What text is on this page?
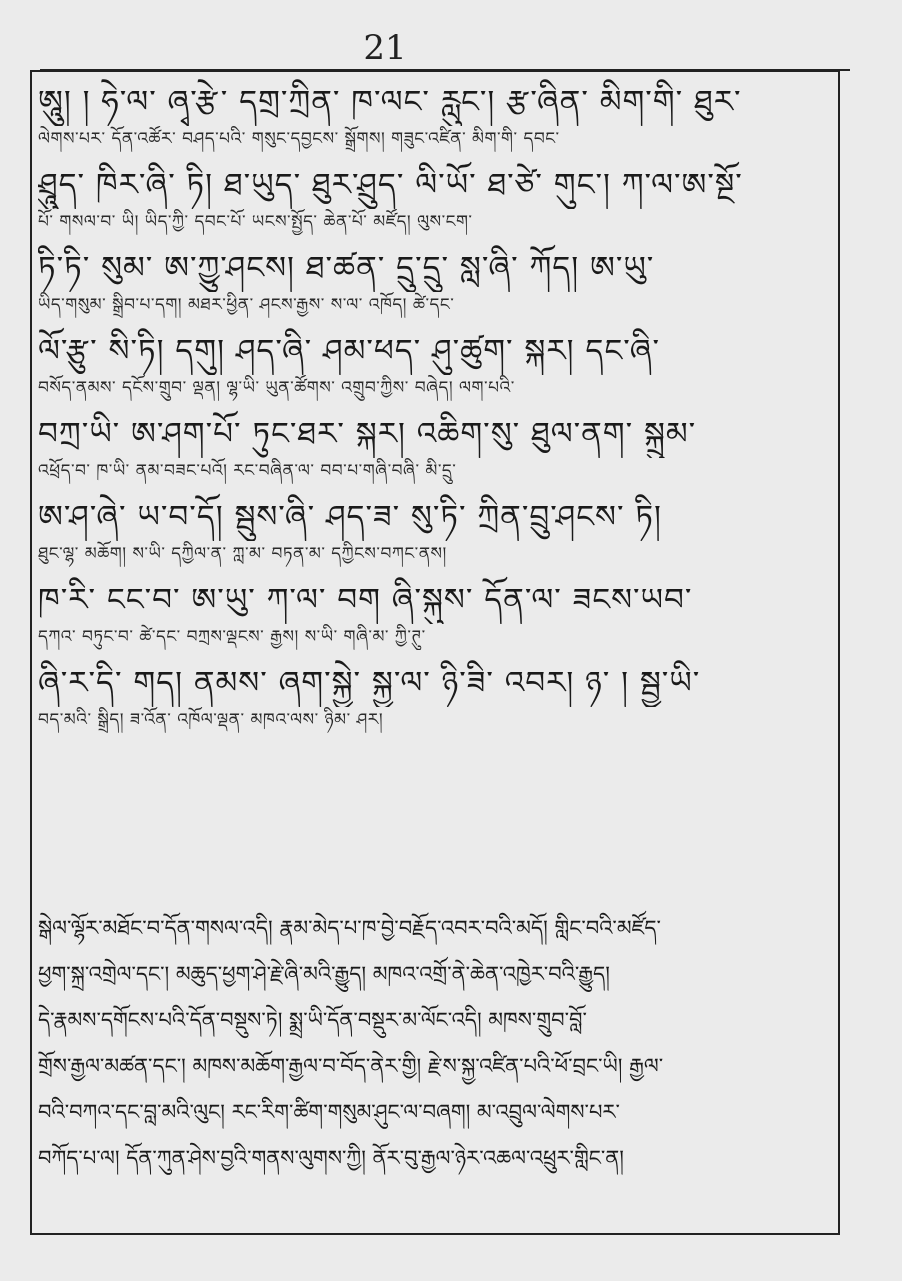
21
ཨཱུ། ། ཧེ་ལ་ ཞྭ་རྩེ་ དགྲ་ཀྲིན་ ཁ་ལང་ རླུང་། རྩ་ཞིན་ མིག་གི་ ཐུར་
ལེགས་པར་ དོན་འཚོར་ བཤད་པའི་ གསུང་དབྱངས་ སྒྲོགས། གཟུང་འཛིན་ མིག་གི་ དབང་
ཤྲཱུད་ ཁིར་ཞི་ ཏི། ཐ་ཡུད་ ཐུར་ཤྲུད་ ལི་ཡོ་ ཐ་ཙེ་ གུང་། ཀ་ལ་ཨ་སྔོ་
པོ་ གསལ་བ་ ཡི། ཡིད་ཀྱི་ དབང་པོ་ ཡངས་སྤྱོད་ ཆེན་པོ་ མཛོད། ལུས་ངག་
ཏི་ཏི་ སུམ་ ཨ་ཀྱུ་ཤངས། ཐ་ཚན་ དྲུ་དྲུ་ སླ་ཞི་ ཀོད། ཨ་ཡུ་
ཡིད་གསུམ་ སྒྲིབ་པ་དག། མཐར་ཕྱིན་ ཤངས་རྒྱས་ ས་ལ་ འཁོད། ཚེ་དང་
ལོ་རྩུ་ སི་ཏི། དགུ། ཤད་ཞི་ ཤམ་ཕད་ ཤུ་ཚུག་ སྐར། དང་ཞི་
བསོད་ནམས་ དངོས་གྲུབ་ ལྡན། ལྷ་ཡི་ ཡུན་ཚོགས་ འགྲུབ་ཀྱིས་ བཞེད། ལག་པའི་
བཀྲ་ཡི་ ཨ་ཤག་པོ་ ཏུང་ཐར་ སྐར། འཆིག་སུ་ ཐུལ་ནག་ སྐྲུམ་
འཕྲོད་བ་ ཁ་ཡི་ ནམ་བཟང་པའོ། རང་བཞིན་ལ་ བབ་པ་གཞི་བཞི་ མི་དྲུ་
ཨ་ཤ་ཞེ་ ཡ་བ་དོ། སྦུས་ཞི་ ཤད་ཟ་ སུ་ཏི་ ཀྲིན་བྲུ་ཤངས་ ཏི།
ཐུང་ལྷ་ མཆོག། ས་ཡི་ དཀྱིལ་ན་ ཀླ་མ་ བཏན་མ་ དཀྱིངས་བཀང་ནས།
ཁ་རི་ ངང་བ་ ཨ་ཡུ་ ཀ་ལ་ བག ཞི་སྐུས་ དོན་ལ་ ཟངས་ཡབ་
དཀའ་ བཏུང་བ་ ཚེ་དང་ བཀྲས་ལྡངས་ རྒྱས། ས་ཡི་ གཞི་མ་ ཀྱི་ཊུ་
ཞི་ར་དི་ གད། ནམས་ ཞག་སྐྱེ་ སྐྱ་ལ་ ཉི་ཟི་ འབར། ཉ་ ། སྦྱ་ཡི་
བད་མའི་ སྒྲིད། ཟ་འོན་ འཁོལ་ལྡན་ མཁའ་ལས་ ཉིམ་ ཤར།
སྒེལ་ལྷོར་མཐོང་བ་དོན་གསལ་འདི། རྣམ་མེད་པ་ཁ་བྱེ་བརྗོད་འབར་བའི་མདོ། གླིང་བའི་མཛོད་
ཕྱག་སྐྲ་འགྲེལ་དང་། མཆུད་ཕྱག་ཤེ་རྗེ་ཞི་མའི་རྒྱུད། མཁའ་འགྲོ་ནེ་ཆེན་འཁྱེར་བའི་རྒྱུད།
དེ་རྣམས་དགོངས་པའི་དོན་བསྡུས་ཏེ། སྨྲ་ཡི་དོན་བསྡུར་མ་ལོང་འདི། མཁས་གྲུབ་བློ་
གྲོས་རྒྱལ་མཚན་དང་། མཁས་མཆོག་རྒྱལ་བ་བོད་ནེར་གྱི། རྗེ་ས་སྐྱ་འཛིན་པའི་ཕོ་བྲང་ཡི། རྒྱལ་
བའི་བཀའ་དང་བླ་མའི་ལུང། རང་རིག་ཚིག་གསུམ་ཤུང་ལ་བཞག། མ་འབྲུལ་ལེགས་པར་
བཀོད་པ་ལ། དོན་ཀུན་ཤེས་བྱའི་གནས་ལུགས་ཀྱི། ནོར་བུ་རྒྱལ་ཉེར་འཆལ་འཕྲུར་གླིང་ན།
